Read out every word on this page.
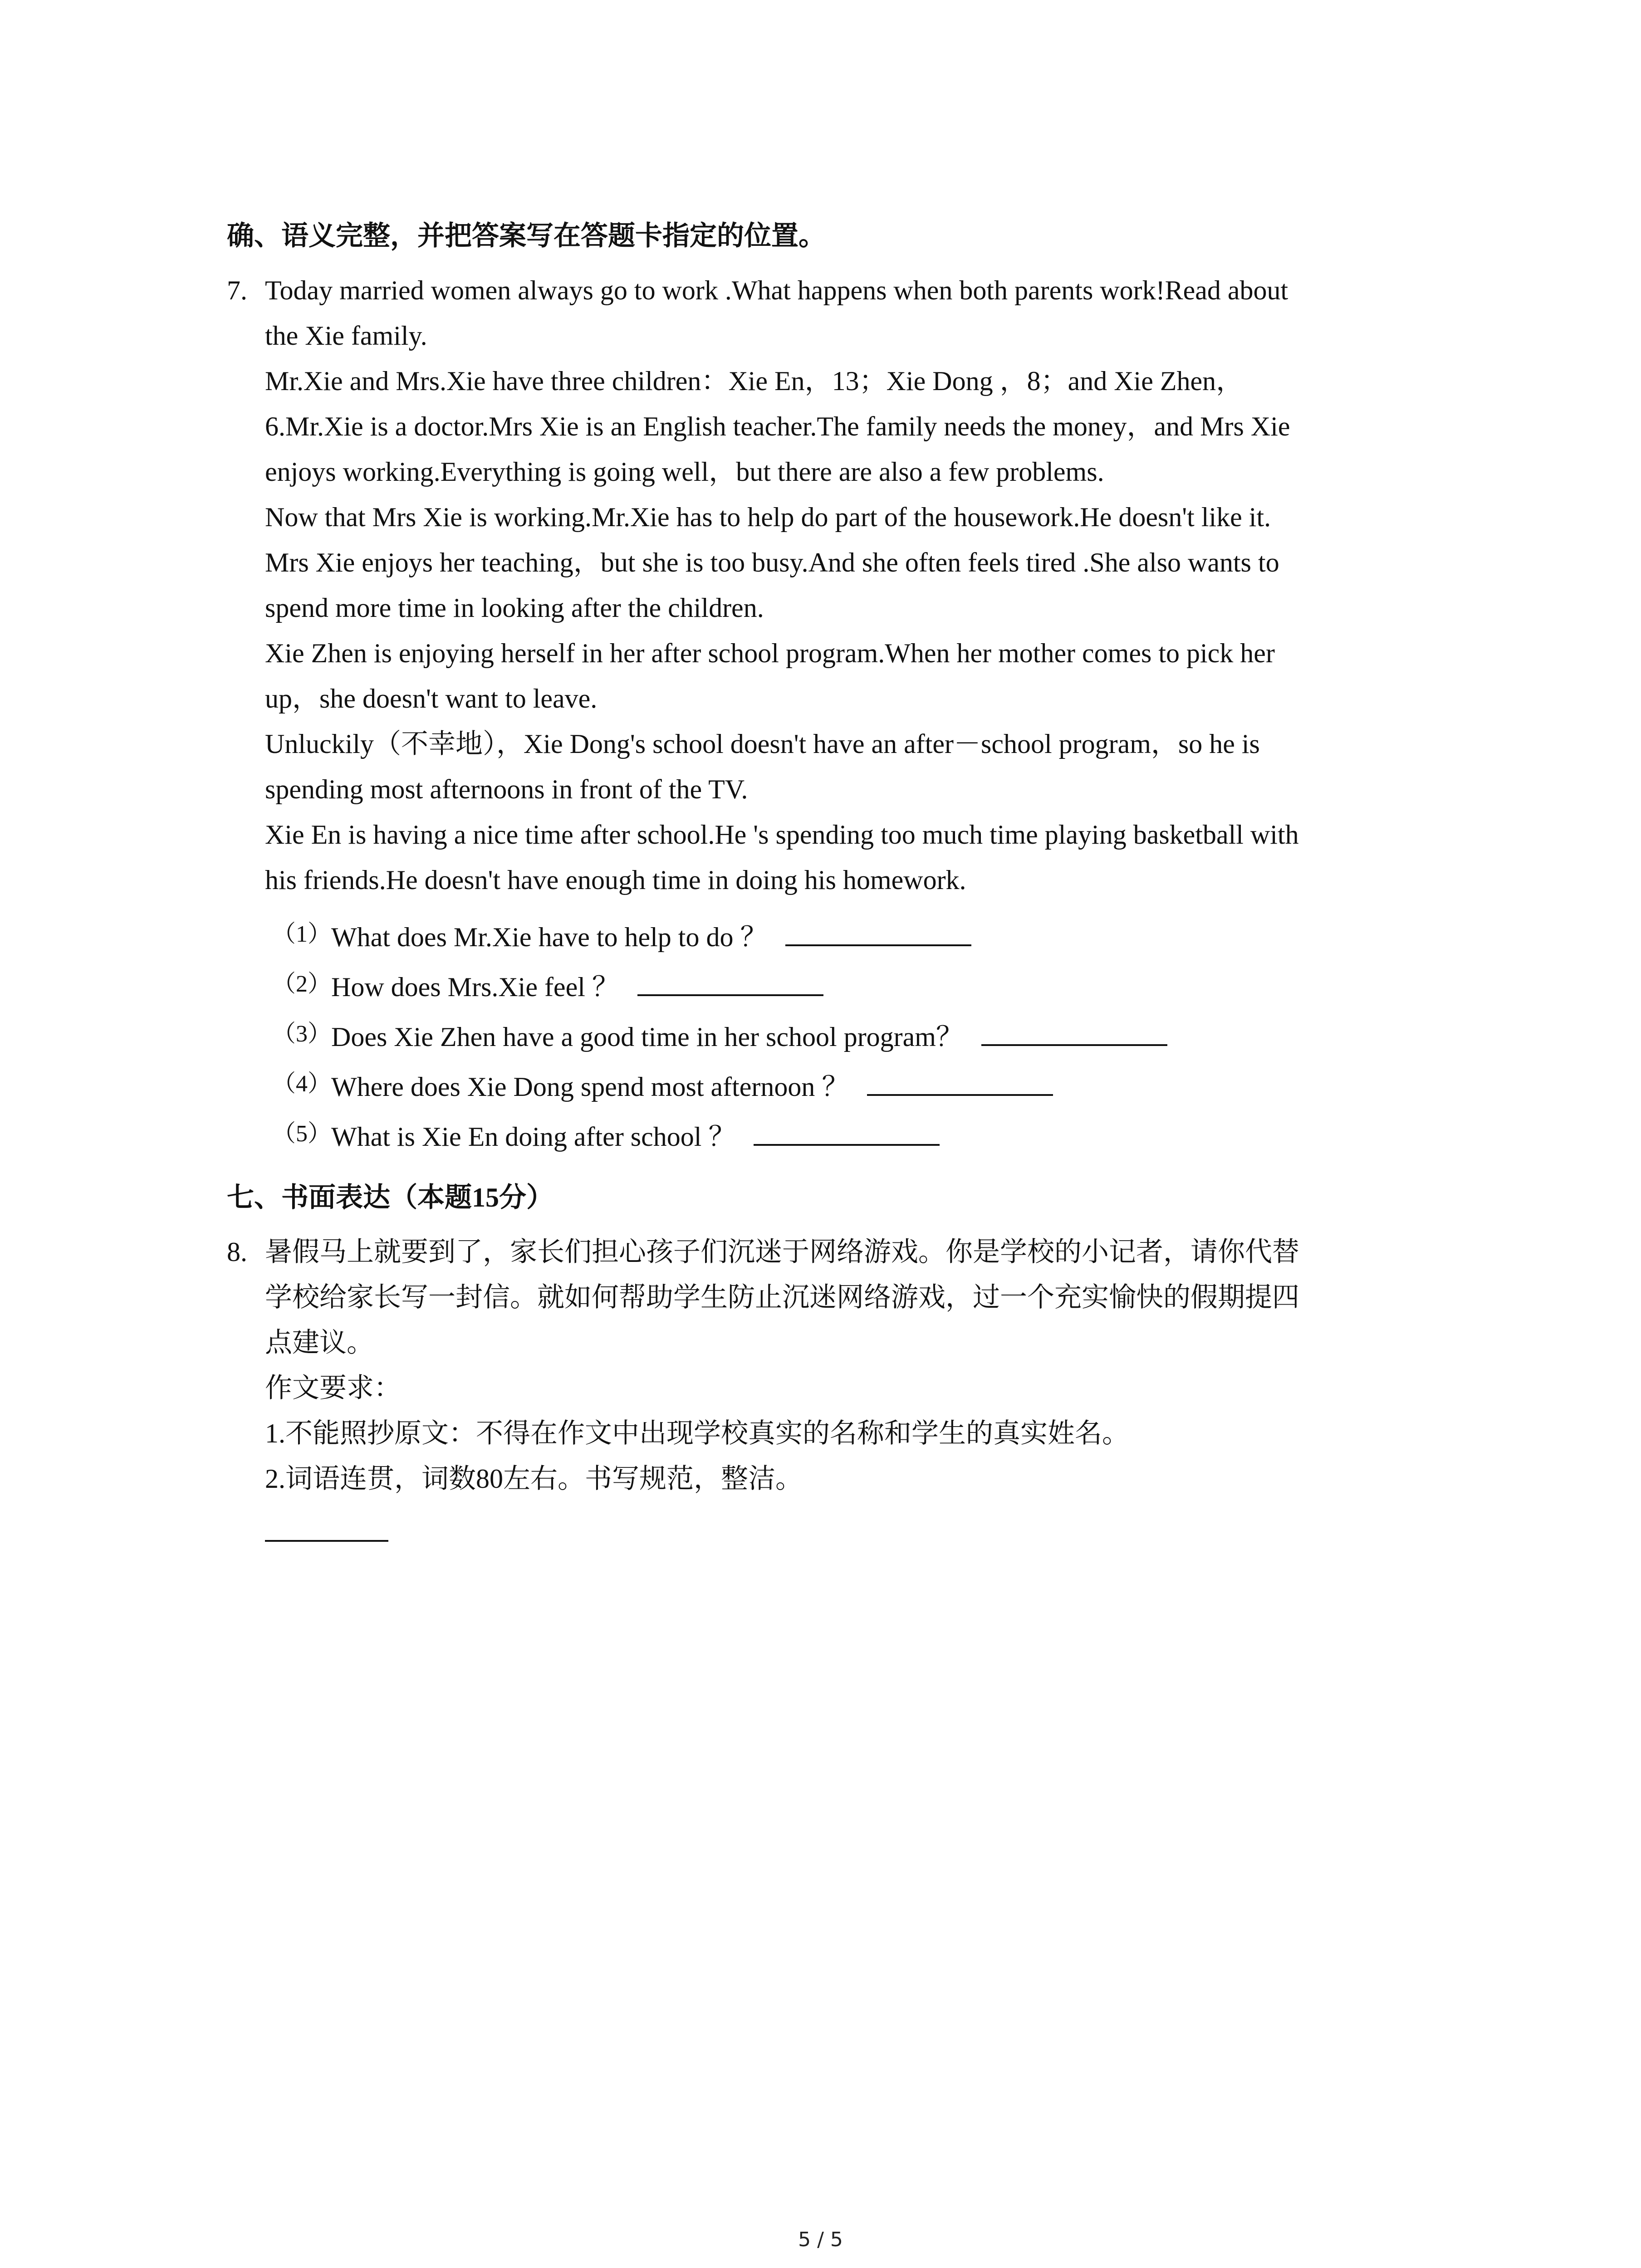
确、语义完整，并把答案写在答题卡指定的位置。
7. Today married women always go to work .What happens when both parents work!Read about
the Xie family.
Mr.Xie and Mrs.Xie have three children：Xie En，13；Xie Dong ，8；and Xie Zhen，
6.Mr.Xie is a doctor.Mrs Xie is an English teacher.The family needs the money，and Mrs Xie
enjoys working.Everything is going well，but there are also a few problems.
Now that Mrs Xie is working.Mr.Xie has to help do part of the housework.He doesn't like it.
Mrs Xie enjoys her teaching，but she is too busy.And she often feels tired .She also wants to
spend more time in looking after the children.
Xie Zhen is enjoying herself in her after school program.When her mother comes to pick her
up，she doesn't want to leave.
Unluckily（不幸地），Xie Dong's school doesn't have an after－school program，so he is
spending most afternoons in front of the TV.
Xie En is having a nice time after school.He 's spending too much time playing basketball with
his friends.He doesn't have enough time in doing his homework.
（1）What does Mr.Xie have to help to do ？
（2）How does Mrs.Xie feel ？
（3）Does Xie Zhen have a good time in her school program？
（4）Where does Xie Dong spend most afternoon ？
（5）What is Xie En doing after school ？
七、书面表达（本题15分）
8. 暑假马上就要到了，家长们担心孩子们沉迷于网络游戏。你是学校的小记者，请你代替
学校给家长写一封信。就如何帮助学生防止沉迷网络游戏，过一个充实愉快的假期提四
点建议。
作文要求：
1.不能照抄原文：不得在作文中出现学校真实的名称和学生的真实姓名。
2.词语连贯，词数80左右。书写规范，整洁。
5 / 5
